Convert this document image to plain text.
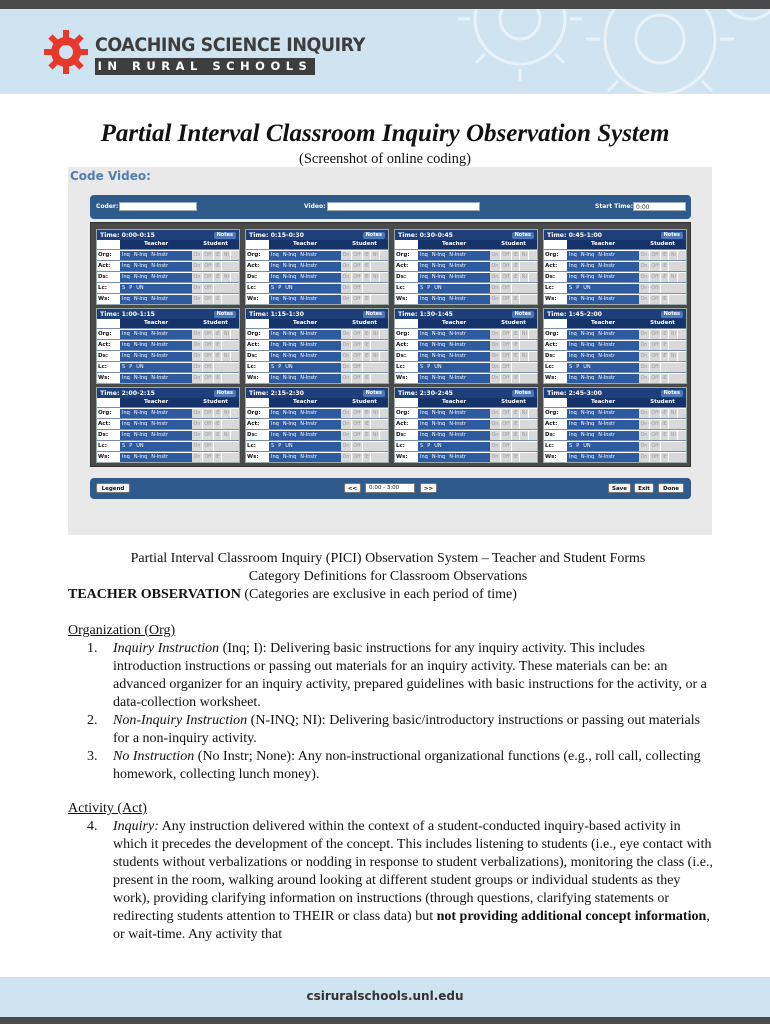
COACHING SCIENCE INQUIRY
IN RURAL SCHOOLS
Partial Interval Classroom Inquiry Observation System
(Screenshot of online coding)
Code Video:
Coder:	Video:	Start Time: 0:00
Time: 0:00-0:15	Notes
Teacher	Student
Org:	Inq N-Inq N-Instr	On Off IE NI
Act:	Inq N-Inq N-Instr	On Off IE
Ds:	Inq N-Inq N-Instr	On Off IE NI
Lc:	S P UN	On Off
Ws:	Inq N-Inq N-Instr	On Off IE
Time: 0:15-0:30	Notes
Teacher	Student
Org:	Inq N-Inq N-Instr	On Off IE NI
Act:	Inq N-Inq N-Instr	On Off IE
Ds:	Inq N-Inq N-Instr	On Off IE NI
Lc:	S P UN	On Off
Ws:	Inq N-Inq N-Instr	On Off IE
Time: 0:30-0:45	Notes
Teacher	Student
Org:	Inq N-Inq N-Instr	On Off IE NI
Act:	Inq N-Inq N-Instr	On Off IE
Ds:	Inq N-Inq N-Instr	On Off IE NI
Lc:	S P UN	On Off
Ws:	Inq N-Inq N-Instr	On Off IE
Time: 0:45-1:00	Notes
Teacher	Student
Org:	Inq N-Inq N-Instr	On Off IE NI
Act:	Inq N-Inq N-Instr	On Off IE
Ds:	Inq N-Inq N-Instr	On Off IE NI
Lc:	S P UN	On Off
Ws:	Inq N-Inq N-Instr	On Off IE
Time: 1:00-1:15	Notes
Teacher	Student
Org:	Inq N-Inq N-Instr	On Off IE NI
Act:	Inq N-Inq N-Instr	On Off IE
Ds:	Inq N-Inq N-Instr	On Off IE NI
Lc:	S P UN	On Off
Ws:	Inq N-Inq N-Instr	On Off IE
Time: 1:15-1:30	Notes
Teacher	Student
Org:	Inq N-Inq N-Instr	On Off IE NI
Act:	Inq N-Inq N-Instr	On Off IE
Ds:	Inq N-Inq N-Instr	On Off IE NI
Lc:	S P UN	On Off
Ws:	Inq N-Inq N-Instr	On Off IE
Time: 1:30-1:45	Notes
Teacher	Student
Org:	Inq N-Inq N-Instr	On Off IE NI
Act:	Inq N-Inq N-Instr	On Off IE
Ds:	Inq N-Inq N-Instr	On Off IE NI
Lc:	S P UN	On Off
Ws:	Inq N-Inq N-Instr	On Off IE
Time: 1:45-2:00	Notes
Teacher	Student
Org:	Inq N-Inq N-Instr	On Off IE NI
Act:	Inq N-Inq N-Instr	On Off IE
Ds:	Inq N-Inq N-Instr	On Off IE NI
Lc:	S P UN	On Off
Ws:	Inq N-Inq N-Instr	On Off IE
Time: 2:00-2:15	Notes
Teacher	Student
Org:	Inq N-Inq N-Instr	On Off IE NI
Act:	Inq N-Inq N-Instr	On Off IE
Ds:	Inq N-Inq N-Instr	On Off IE NI
Lc:	S P UN	On Off
Ws:	Inq N-Inq N-Instr	On Off IE
Time: 2:15-2:30	Notes
Teacher	Student
Org:	Inq N-Inq N-Instr	On Off IE NI
Act:	Inq N-Inq N-Instr	On Off IE
Ds:	Inq N-Inq N-Instr	On Off IE NI
Lc:	S P UN	On Off
Ws:	Inq N-Inq N-Instr	On Off IE
Time: 2:30-2:45	Notes
Teacher	Student
Org:	Inq N-Inq N-Instr	On Off IE NI
Act:	Inq N-Inq N-Instr	On Off IE
Ds:	Inq N-Inq N-Instr	On Off IE NI
Lc:	S P UN	On Off
Ws:	Inq N-Inq N-Instr	On Off IE
Time: 2:45-3:00	Notes
Teacher	Student
Org:	Inq N-Inq N-Instr	On Off IE NI
Act:	Inq N-Inq N-Instr	On Off IE
Ds:	Inq N-Inq N-Instr	On Off IE NI
Lc:	S P UN	On Off
Ws:	Inq N-Inq N-Instr	On Off IE
Legend	<<	0:00 - 3:00	>>	Save	Exit	Done
Partial Interval Classroom Inquiry (PICI) Observation System – Teacher and Student Forms
Category Definitions for Classroom Observations
TEACHER OBSERVATION (Categories are exclusive in each period of time)
Organization (Org)
1. Inquiry Instruction (Inq; I): Delivering basic instructions for any inquiry activity. This includes introduction instructions or passing out materials for an inquiry activity. These materials can be: an advanced organizer for an inquiry activity, prepared guidelines with basic instructions for the activity, or a data-collection worksheet.
2. Non-Inquiry Instruction (N-INQ; NI): Delivering basic/introductory instructions or passing out materials for a non-inquiry activity.
3. No Instruction (No Instr; None): Any non-instructional organizational functions (e.g., roll call, collecting homework, collecting lunch money).
Activity (Act)
4. Inquiry: Any instruction delivered within the context of a student-conducted inquiry-based activity in which it precedes the development of the concept. This includes listening to students (i.e., eye contact with students without verbalizations or nodding in response to student verbalizations), monitoring the class (i.e., present in the room, walking around looking at different student groups or individual students as they work), providing clarifying information on instructions (through questions, clarifying statements or redirecting students attention to THEIR or class data) but not providing additional concept information, or wait-time. Any activity that
csiruralschools.unl.edu
